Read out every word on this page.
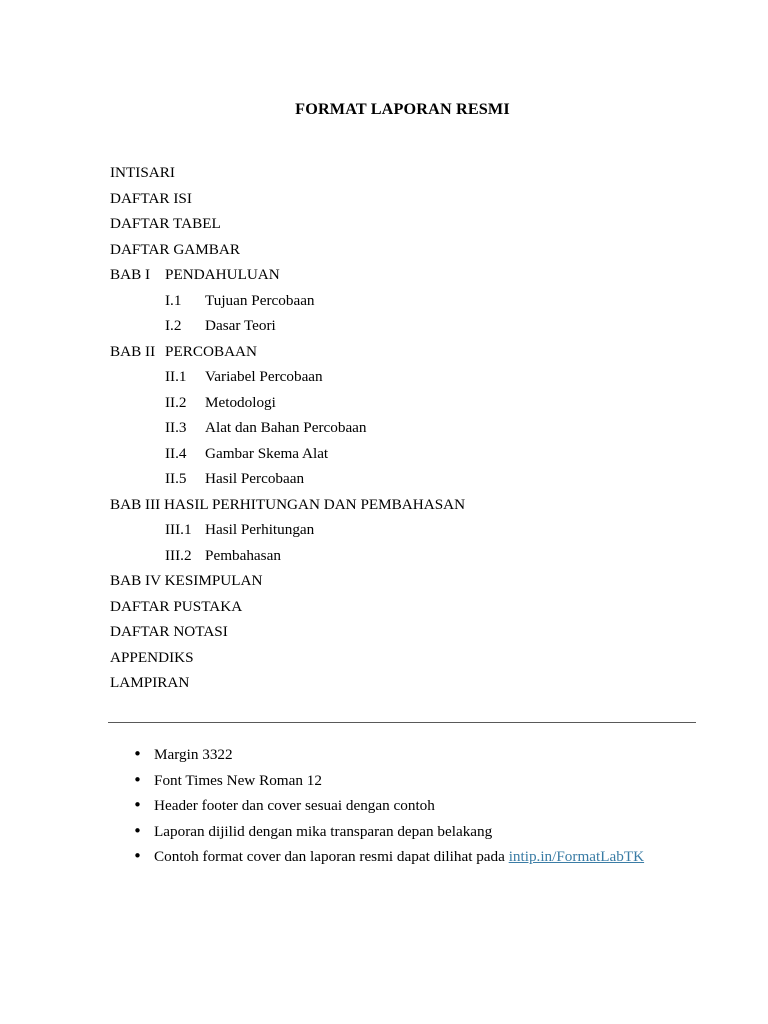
FORMAT LAPORAN RESMI
INTISARI
DAFTAR ISI
DAFTAR TABEL
DAFTAR GAMBAR
BAB I PENDAHULUAN
I.1 Tujuan Percobaan
I.2 Dasar Teori
BAB II PERCOBAAN
II.1 Variabel Percobaan
II.2 Metodologi
II.3 Alat dan Bahan Percobaan
II.4 Gambar Skema Alat
II.5 Hasil Percobaan
BAB III HASIL PERHITUNGAN DAN PEMBAHASAN
III.1 Hasil Perhitungan
III.2 Pembahasan
BAB IV KESIMPULAN
DAFTAR PUSTAKA
DAFTAR NOTASI
APPENDIKS
LAMPIRAN
• Margin 3322
• Font Times New Roman 12
• Header footer dan cover sesuai dengan contoh
• Laporan dijilid dengan mika transparan depan belakang
• Contoh format cover dan laporan resmi dapat dilihat pada intip.in/FormatLabTK
